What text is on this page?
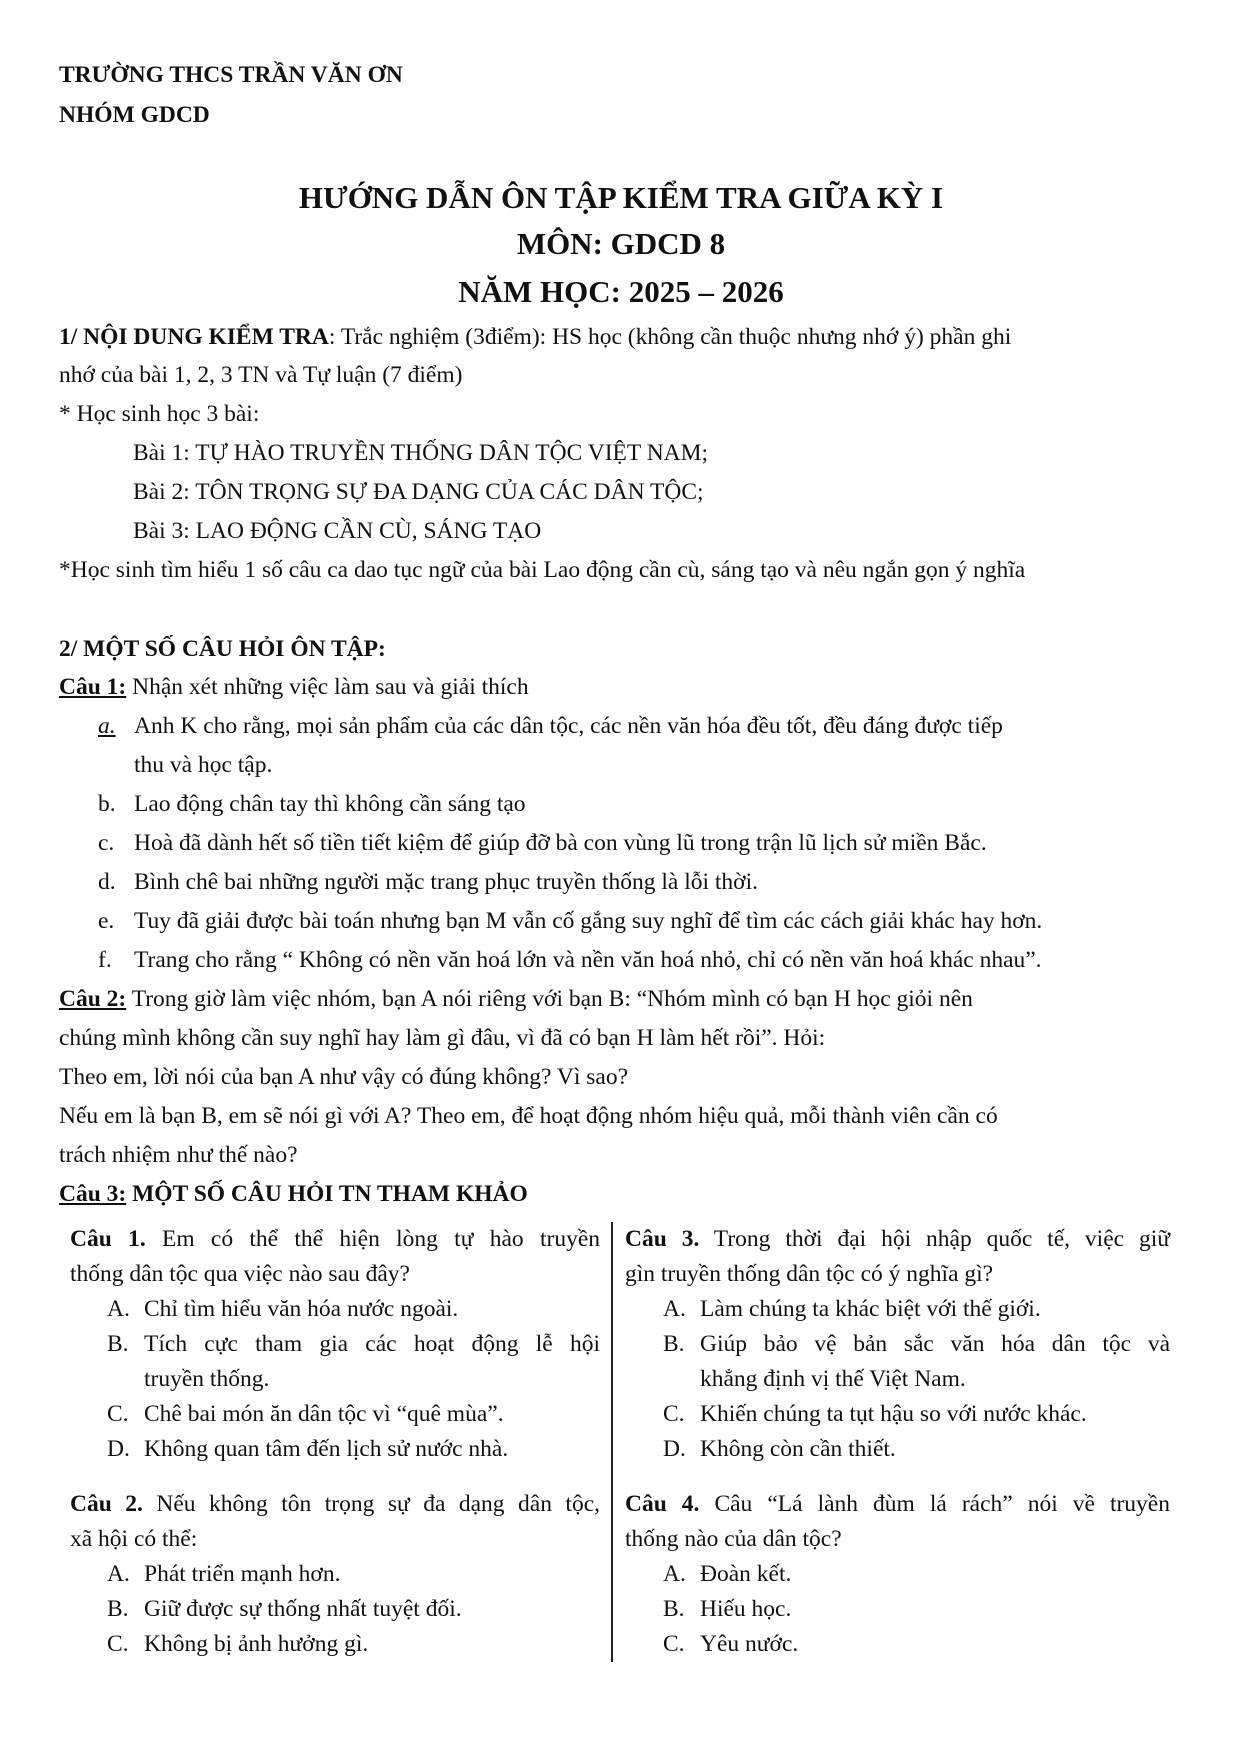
TRƯỜNG THCS TRẦN VĂN ƠN
NHÓM GDCD
HƯỚNG DẪN ÔN TẬP KIỂM TRA GIỮA KỲ I
MÔN: GDCD 8
NĂM HỌC: 2025 – 2026
1/ NỘI DUNG KIỂM TRA: Trắc nghiệm (3điểm): HS học (không cần thuộc nhưng nhớ ý) phần ghi
nhớ của bài 1, 2, 3 TN và Tự luận (7 điểm)
* Học sinh học 3 bài:
Bài 1: TỰ HÀO TRUYỀN THỐNG DÂN TỘC VIỆT NAM;
Bài 2: TÔN TRỌNG SỰ ĐA DẠNG CỦA CÁC DÂN TỘC;
Bài 3: LAO ĐỘNG CẦN CÙ, SÁNG TẠO
*Học sinh tìm hiểu 1 số câu ca dao tục ngữ của bài Lao động cần cù, sáng tạo và nêu ngắn gọn ý nghĩa
2/ MỘT SỐ CÂU HỎI ÔN TẬP:
Câu 1: Nhận xét những việc làm sau và giải thích
a. Anh K cho rằng, mọi sản phẩm của các dân tộc, các nền văn hóa đều tốt, đều đáng được tiếp
thu và học tập.
b. Lao động chân tay thì không cần sáng tạo
c. Hoà đã dành hết số tiền tiết kiệm để giúp đỡ bà con vùng lũ trong trận lũ lịch sử miền Bắc.
d. Bình chê bai những người mặc trang phục truyền thống là lỗi thời.
e. Tuy đã giải được bài toán nhưng bạn M vẫn cố gắng suy nghĩ để tìm các cách giải khác hay hơn.
f. Trang cho rằng “ Không có nền văn hoá lớn và nền văn hoá nhỏ, chỉ có nền văn hoá khác nhau”.
Câu 2: Trong giờ làm việc nhóm, bạn A nói riêng với bạn B: “Nhóm mình có bạn H học giỏi nên
chúng mình không cần suy nghĩ hay làm gì đâu, vì đã có bạn H làm hết rồi”. Hỏi:
Theo em, lời nói của bạn A như vậy có đúng không? Vì sao?
Nếu em là bạn B, em sẽ nói gì với A? Theo em, để hoạt động nhóm hiệu quả, mỗi thành viên cần có
trách nhiệm như thế nào?
Câu 3: MỘT SỐ CÂU HỎI TN THAM KHẢO
Câu 1. Em có thể thể hiện lòng tự hào truyền
thống dân tộc qua việc nào sau đây?
A. Chỉ tìm hiểu văn hóa nước ngoài.
B. Tích cực tham gia các hoạt động lễ hội
truyền thống.
C. Chê bai món ăn dân tộc vì “quê mùa”.
D. Không quan tâm đến lịch sử nước nhà.
Câu 3. Trong thời đại hội nhập quốc tế, việc giữ
gìn truyền thống dân tộc có ý nghĩa gì?
A. Làm chúng ta khác biệt với thế giới.
B. Giúp bảo vệ bản sắc văn hóa dân tộc và
khẳng định vị thế Việt Nam.
C. Khiến chúng ta tụt hậu so với nước khác.
D. Không còn cần thiết.
Câu 2. Nếu không tôn trọng sự đa dạng dân tộc,
xã hội có thể:
A. Phát triển mạnh hơn.
B. Giữ được sự thống nhất tuyệt đối.
C. Không bị ảnh hưởng gì.
Câu 4. Câu “Lá lành đùm lá rách” nói về truyền
thống nào của dân tộc?
A. Đoàn kết.
B. Hiếu học.
C. Yêu nước.
